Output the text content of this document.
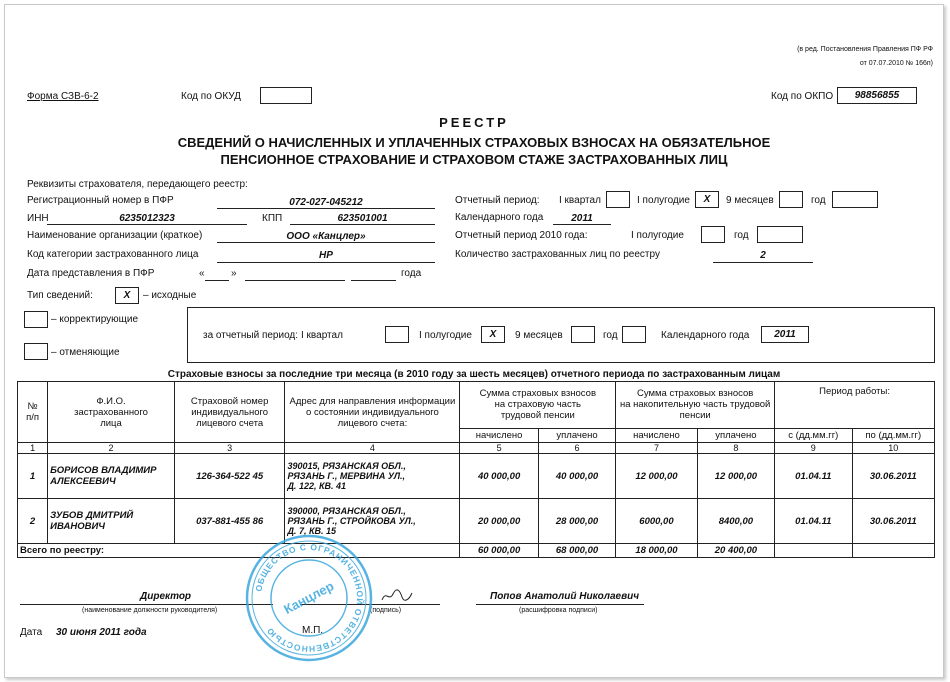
(в ред. Постановления Правления ПФ РФ
от 07.07.2010 № 166п)
Форма СЗВ-6-2	Код по ОКУД	Код по ОКПО	98856855
РЕЕСТР
СВЕДЕНИЙ О НАЧИСЛЕННЫХ И УПЛАЧЕННЫХ СТРАХОВЫХ ВЗНОСАХ НА ОБЯЗАТЕЛЬНОЕ
ПЕНСИОННОЕ СТРАХОВАНИЕ И СТРАХОВОМ СТАЖЕ ЗАСТРАХОВАННЫХ ЛИЦ
Реквизиты страхователя, передающего реестр:
Регистрационный номер в ПФР	072-027-045212
ИНН	6235012323	КПП	623501001
Наименование организации (краткое)	ООО «Канцлер»
Код категории застрахованного лица	НР
Дата представления в ПФР	«	»	года
Отчетный период: I квартал	I полугодие	X	9 месяцев	год
Календарного года	2011
Отчетный период 2010 года:	I полугодие	год
Количество застрахованных лиц по реестру	2
Тип сведений:	X	– исходные
– корректирующие
– отменяющие
за отчетный период: I квартал	I полугодие	X	9 месяцев	год	Календарного года	2011
Страховые взносы за последние три месяца (в 2010 году за шесть месяцев) отчетного периода по застрахованным лицам
№
п/п	Ф.И.О.
застрахованного
лица	Страховой номер
индивидуального
лицевого счета	Адрес для направления информации
о состоянии индивидуального
лицевого счета:	Сумма страховых взносов
на страховую часть
трудовой пенсии		Сумма страховых взносов
на накопительную часть трудовой
пенсии		Период работы:	
				начислено	уплачено	начислено	уплачено	с (дд.мм.гг)	по (дд.мм.гг)
1	2	3	4	5	6	7	8	9	10
1	БОРИСОВ ВЛАДИМИР
АЛЕКСЕЕВИЧ	126-364-522 45	390015, РЯЗАНСКАЯ ОБЛ.,
РЯЗАНЬ Г., МЕРВИНА УЛ.,
Д. 122, КВ. 41	40 000,00	40 000,00	12 000,00	12 000,00	01.04.11	30.06.2011
2	ЗУБОВ ДМИТРИЙ
ИВАНОВИЧ	037-881-455 86	390000, РЯЗАНСКАЯ ОБЛ.,
РЯЗАНЬ Г., СТРОЙКОВА УЛ.,
Д. 7, КВ. 15	20 000,00	28 000,00	6000,00	8400,00	01.04.11	30.06.2011
Всего по реестру:				60 000,00	68 000,00	18 000,00	20 400,00		
Директор
(наименование должности руководителя)	(подпись)
Попов Анатолий Николаевич
(расшифровка подписи)
М.П.
Дата 30 июня 2011 года
ОБЩЕСТВО С ОГРАНИЧЕННОЙ ОТВЕТСТВЕННОСТЬЮ
Канцлер
